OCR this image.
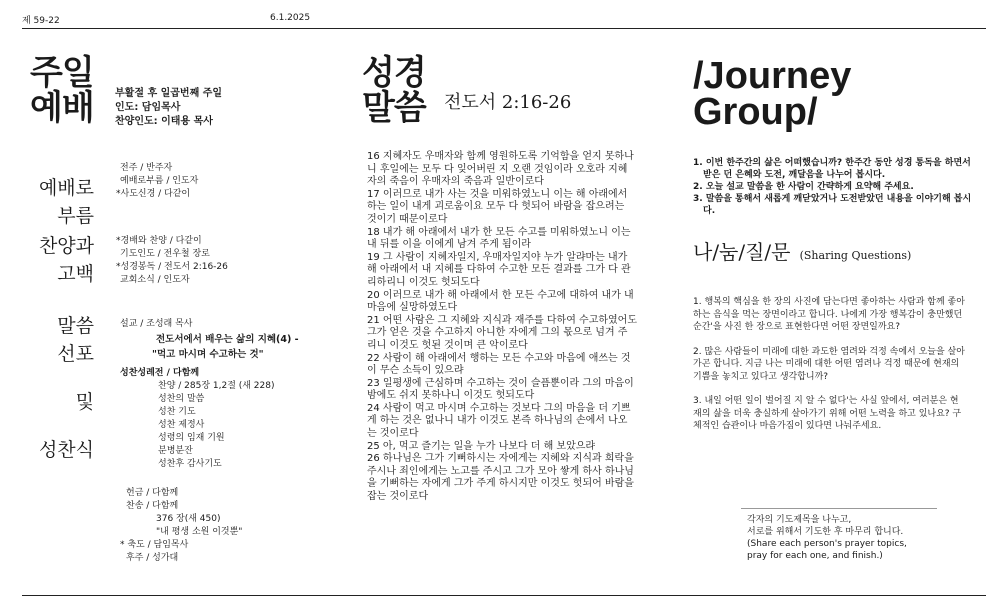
제 59-22	6.1.2025
주일
예배 부활절 후 일곱번째 주일
인도: 담임목사
찬양인도: 이태용 목사
예배로
부름
전주 / 반주자
예배로부름 / 인도자
*사도신경 / 다같이
찬양과
고백
*경배와 찬양 / 다같이
기도인도 / 전우철 장로
*성경봉독 / 전도서 2:16-26
교회소식 / 인도자
말씀
선포
및
성찬식
설교 / 조성래 목사
전도서에서 배우는 삶의 지혜(4) -
"먹고 마시며 수고하는 것"
성찬성례전 / 다함께
찬양 / 285장 1,2절 (새 228)
성찬의 말씀
성찬 기도
성찬 제정사
성령의 임재 기원
분병분잔
성찬후 감사기도
헌금 / 다함께
찬송 / 다함께
376 장(새 450)
"내 평생 소원 이것뿐"
* 축도 / 담임목사
후주 / 성가대
성경
말씀 전도서 2:16-26

16 지혜자도 우매자와 함께 영원하도록 기억함을 얻지 못하나니 후일에는 모두 다 잊어버린 지 오랜 것임이라 오호라 지혜자의 죽음이 우매자의 죽음과 일반이로다

17 이러므로 내가 사는 것을 미워하였노니 이는 해 아래에서 하는 일이 내게 괴로움이요 모두 다 헛되어 바람을 잡으려는 것이기 때문이로다

18 내가 해 아래에서 내가 한 모든 수고를 미워하였노니 이는 내 뒤를 이을 이에게 남겨 주게 됨이라

19 그 사람이 지혜자일지, 우매자일지야 누가 알랴마는 내가 해 아래에서 내 지혜를 다하여 수고한 모든 결과를 그가 다 관리하리니 이것도 헛되도다

20 이러므로 내가 해 아래에서 한 모든 수고에 대하여 내가 내 마음에 실망하였도다

21 어떤 사람은 그 지혜와 지식과 재주를 다하여 수고하였어도 그가 얻은 것을 수고하지 아니한 자에게 그의 몫으로 넘겨 주리니 이것도 헛된 것이며 큰 악이로다

22 사람이 해 아래에서 행하는 모든 수고와 마음에 애쓰는 것이 무슨 소득이 있으랴

23 일평생에 근심하며 수고하는 것이 슬픔뿐이라 그의 마음이 밤에도 쉬지 못하나니 이것도 헛되도다

24 사람이 먹고 마시며 수고하는 것보다 그의 마음을 더 기쁘게 하는 것은 없나니 내가 이것도 본즉 하나님의 손에서 나오는 것이로다

25 아, 먹고 즐기는 일을 누가 나보다 더 해 보았으랴

26 하나님은 그가 기뻐하시는 자에게는 지혜와 지식과 희락을 주시나 죄인에게는 노고를 주시고 그가 모아 쌓게 하사 하나님을 기뻐하는 자에게 그가 주게 하시지만 이것도 헛되어 바람을 잡는 것이로다

/Journey
Group/
1. 이번 한주간의 삶은 어떠했습니까? 한주간 동안 성경 통독을 하면서 받은 던 은혜와 도전, 깨달음을 나누어 봅시다.
2. 오늘 설교 말씀을 한 사람이 간략하게 요약해 주세요.
3. 말씀을 통해서 새롭게 깨닫았거나 도전받았던 내용을 이야기해 봅시다.
나/눔/질/문 (Sharing Questions)

1. 행복의 핵심을 한 장의 사진에 담는다면 좋아하는 사람과 함께 좋아하는 음식을 먹는 장면이라고 합니다. 나에게 가장 행복감이 충만했던 순간'을 사진 한 장으로 표현한다면 어떤 장면일까요?

2. 많은 사람들이 미래에 대한 과도한 염려와 걱정 속에서 오늘을 살아가곤 합니다. 지금 나는 미래에 대한 어떤 염려나 걱정 때문에 현재의 기쁨을 놓치고 있다고 생각합니까?

3. 내일 어떤 일이 벌어질 지 알 수 없다'는 사실 앞에서, 여러분은 현재의 삶을 더욱 충실하게 살아가기 위해 어떤 노력을 하고 있나요? 구체적인 습관이나 마음가짐이 있다면 나눠주세요.

각자의 기도제목을 나누고,
서로를 위해서 기도한 후 마무리 합니다.
(Share each person's prayer topics,
pray for each one, and finish.)
